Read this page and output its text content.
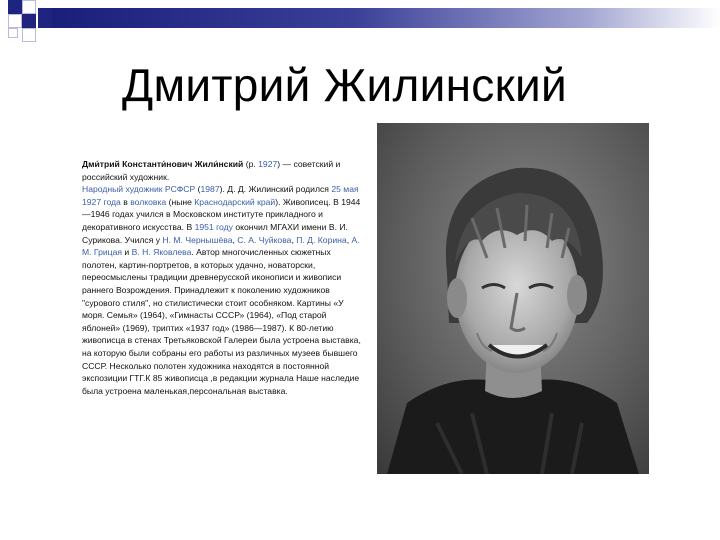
Дмитрий Жилинский
Дми́трий Константи́нович Жили́нский (р. 1927) — советский и российский художник.
Народный художник РСФСР (1987). Д. Д. Жилинский родился 25 мая 1927 года в волковка (ныне Краснодарский край). Живописец. В 1944—1946 годах учился в Московском институте прикладного и декоративного искусства. В 1951 году окончил МГАХИ имени В. И. Сурикова. Учился у Н. М. Чернышёва, С. А. Чуйкова, П. Д. Корина, А. М. Грицая и В. Н. Яковлева. Автор многочисленных сюжетных полотен, картин-портретов, в которых удачно, новаторски, переосмыслены традиции древнерусской иконописи и живописи раннего Возрождения. Принадлежит к поколению художников "сурового стиля", но стилистически стоит особняком. Картины «У моря. Семья» (1964), «Гимнасты СССР» (1964), «Под старой яблоней» (1969), триптих «1937 год» (1986—1987). К 80-летию живописца в стенах Третьяковской Галереи была устроена выставка, на которую были собраны его работы из различных музеев бывшего СССР. Несколько полотен художника находятся в постоянной экспозиции ГТГ.К 85 живописца ,в редакции журнала Наше наследие была устроена маленькая,персональная выставка.
